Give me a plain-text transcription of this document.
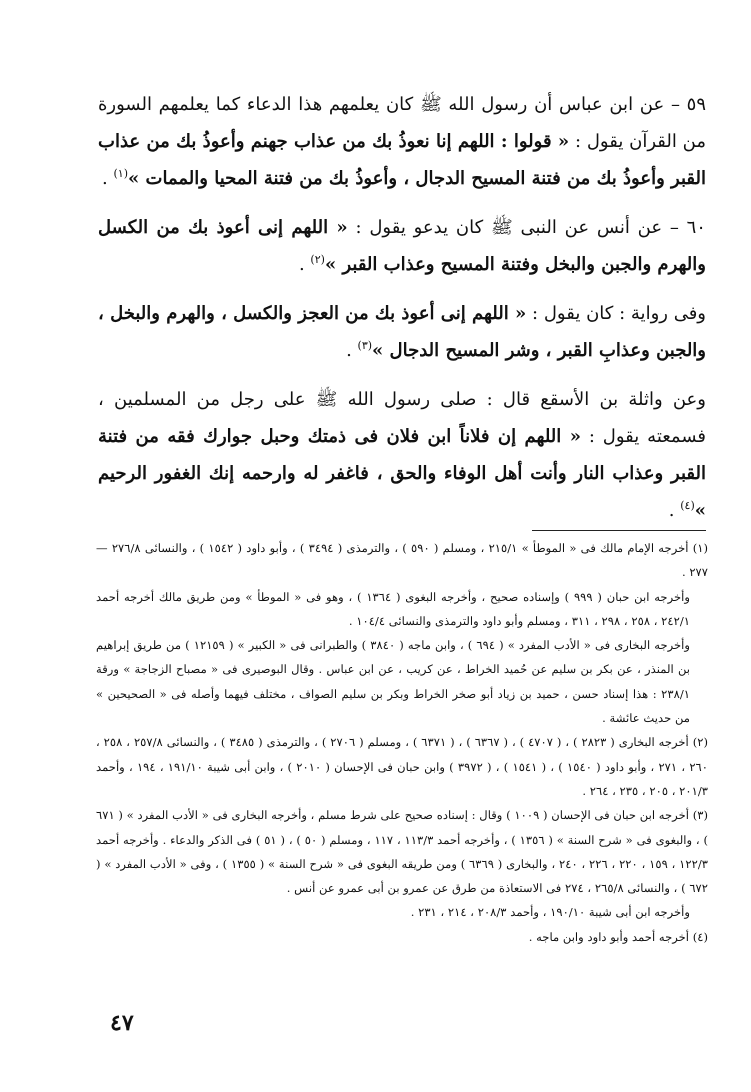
٥٩ – عن ابن عباس أن رسول الله ﷺ كان يعلمهم هذا الدعاء كما يعلمهم السورة من القرآن يقول : « قولوا : اللهم إنا نعوذُ بك من عذاب جهنم وأعوذُ بك من عذاب القبر وأعوذُ بك من فتنة المسيح الدجال ، وأعوذُ بك من فتنة المحيا والممات »$^{(١)}$ .

٦٠ – عن أنس عن النبى ﷺ كان يدعو يقول : « اللهم إنى أعوذ بك من الكسل والهرم والجبن والبخل وفتنة المسيح وعذاب القبر »$^{(٢)}$ .

وفى رواية : كان يقول : « اللهم إنى أعوذ بك من العجز والكسل ، والهرم والبخل ، والجبن وعذابِ القبر ، وشر المسيح الدجال »$^{(٣)}$ .

وعن واثلة بن الأسقع قال : صلى رسول الله ﷺ على رجل من المسلمين ، فسمعته يقول : « اللهم إن فلاناً ابن فلان فى ذمتك وحبل جوارك فقه من فتنة القبر وعذاب النار وأنت أهل الوفاء والحق ، فاغفر له وارحمه إنك الغفور الرحيم »$^{(٤)}$ .

(١) أخرجه الإمام مالك فى « الموطأ » ٢١٥/١ ، ومسلم ( ٥٩٠ ) ، والترمذى ( ٣٤٩٤ ) ، وأبو داود ( ١٥٤٢ ) ، والنسائى ٢٧٦/٨ — ٢٧٧ .

وأخرجه ابن حبان ( ٩٩٩ ) وإسناده صحيح ، وأخرجه البغوى ( ١٣٦٤ ) ، وهو فى « الموطأ » ومن طريق مالك أخرجه أحمد ٢٤٢/١ ، ٢٥٨ ، ٢٩٨ ، ٣١١ ، ومسلم وأبو داود والترمذى والنسائى ١٠٤/٤ .

وأخرجه البخارى فى « الأدب المفرد » ( ٦٩٤ ) ، وابن ماجه ( ٣٨٤٠ ) والطبرانى فى « الكبير » ( ١٢١٥٩ ) من طريق إبراهيم بن المنذر ، عن بكر بن سليم عن حُميد الخراط ، عن كريب ، عن ابن عباس . وقال البوصيرى فى « مصباح الزجاجة » ورقة ٢٣٨/١ : هذا إسناد حسن ، حميد بن زياد أبو صخر الخراط وبكر بن سليم الصواف ، مختلف فيهما وأصله فى « الصحيحين » من حديث عائشة .

(٢) أخرجه البخارى ( ٢٨٢٣ ) ، ( ٤٧٠٧ ) ، ( ٦٣٦٧ ) ، ( ٦٣٧١ ) ، ومسلم ( ٢٧٠٦ ) ، والترمذى ( ٣٤٨٥ ) ، والنسائى ٢٥٧/٨ ، ٢٥٨ ، ٢٦٠ ، ٢٧١ ، وأبو داود ( ١٥٤٠ ) ، ( ١٥٤١ ) ، ( ٣٩٧٢ ) وابن حبان فى الإحسان ( ٢٠١٠ ) ، وابن أبى شيبة ١٩١/١٠ ، ١٩٤ ، وأحمد ٢٠١/٣ ، ٢٠٥ ، ٢٣٥ ، ٢٦٤ .

(٣) أخرجه ابن حبان فى الإحسان ( ١٠٠٩ ) وقال : إسناده صحيح على شرط مسلم ، وأخرجه البخارى فى « الأدب المفرد » ( ٦٧١ ) ، والبغوى فى « شرح السنة » ( ١٣٥٦ ) ، وأخرجه أحمد ١١٣/٣ ، ١١٧ ، ومسلم ( ٥٠ ) ، ( ٥١ ) فى الذكر والدعاء . وأخرجه أحمد ١٢٢/٣ ، ١٥٩ ، ٢٢٠ ، ٢٢٦ ، ٢٤٠ ، والبخارى ( ٦٣٦٩ ) ومن طريقه البغوى فى « شرح السنة » ( ١٣٥٥ ) ، وفى « الأدب المفرد » ( ٦٧٢ ) ، والنسائى ٢٦٥/٨ ، ٢٧٤ فى الاستعاذة من طرق عن عمرو بن أبى عمرو عن أنس .

وأخرجه ابن أبى شيبة ١٩٠/١٠ ، وأحمد ٢٠٨/٣ ، ٢١٤ ، ٢٣١ .

(٤) أخرجه أحمد وأبو داود وابن ماجه .

٤٧
